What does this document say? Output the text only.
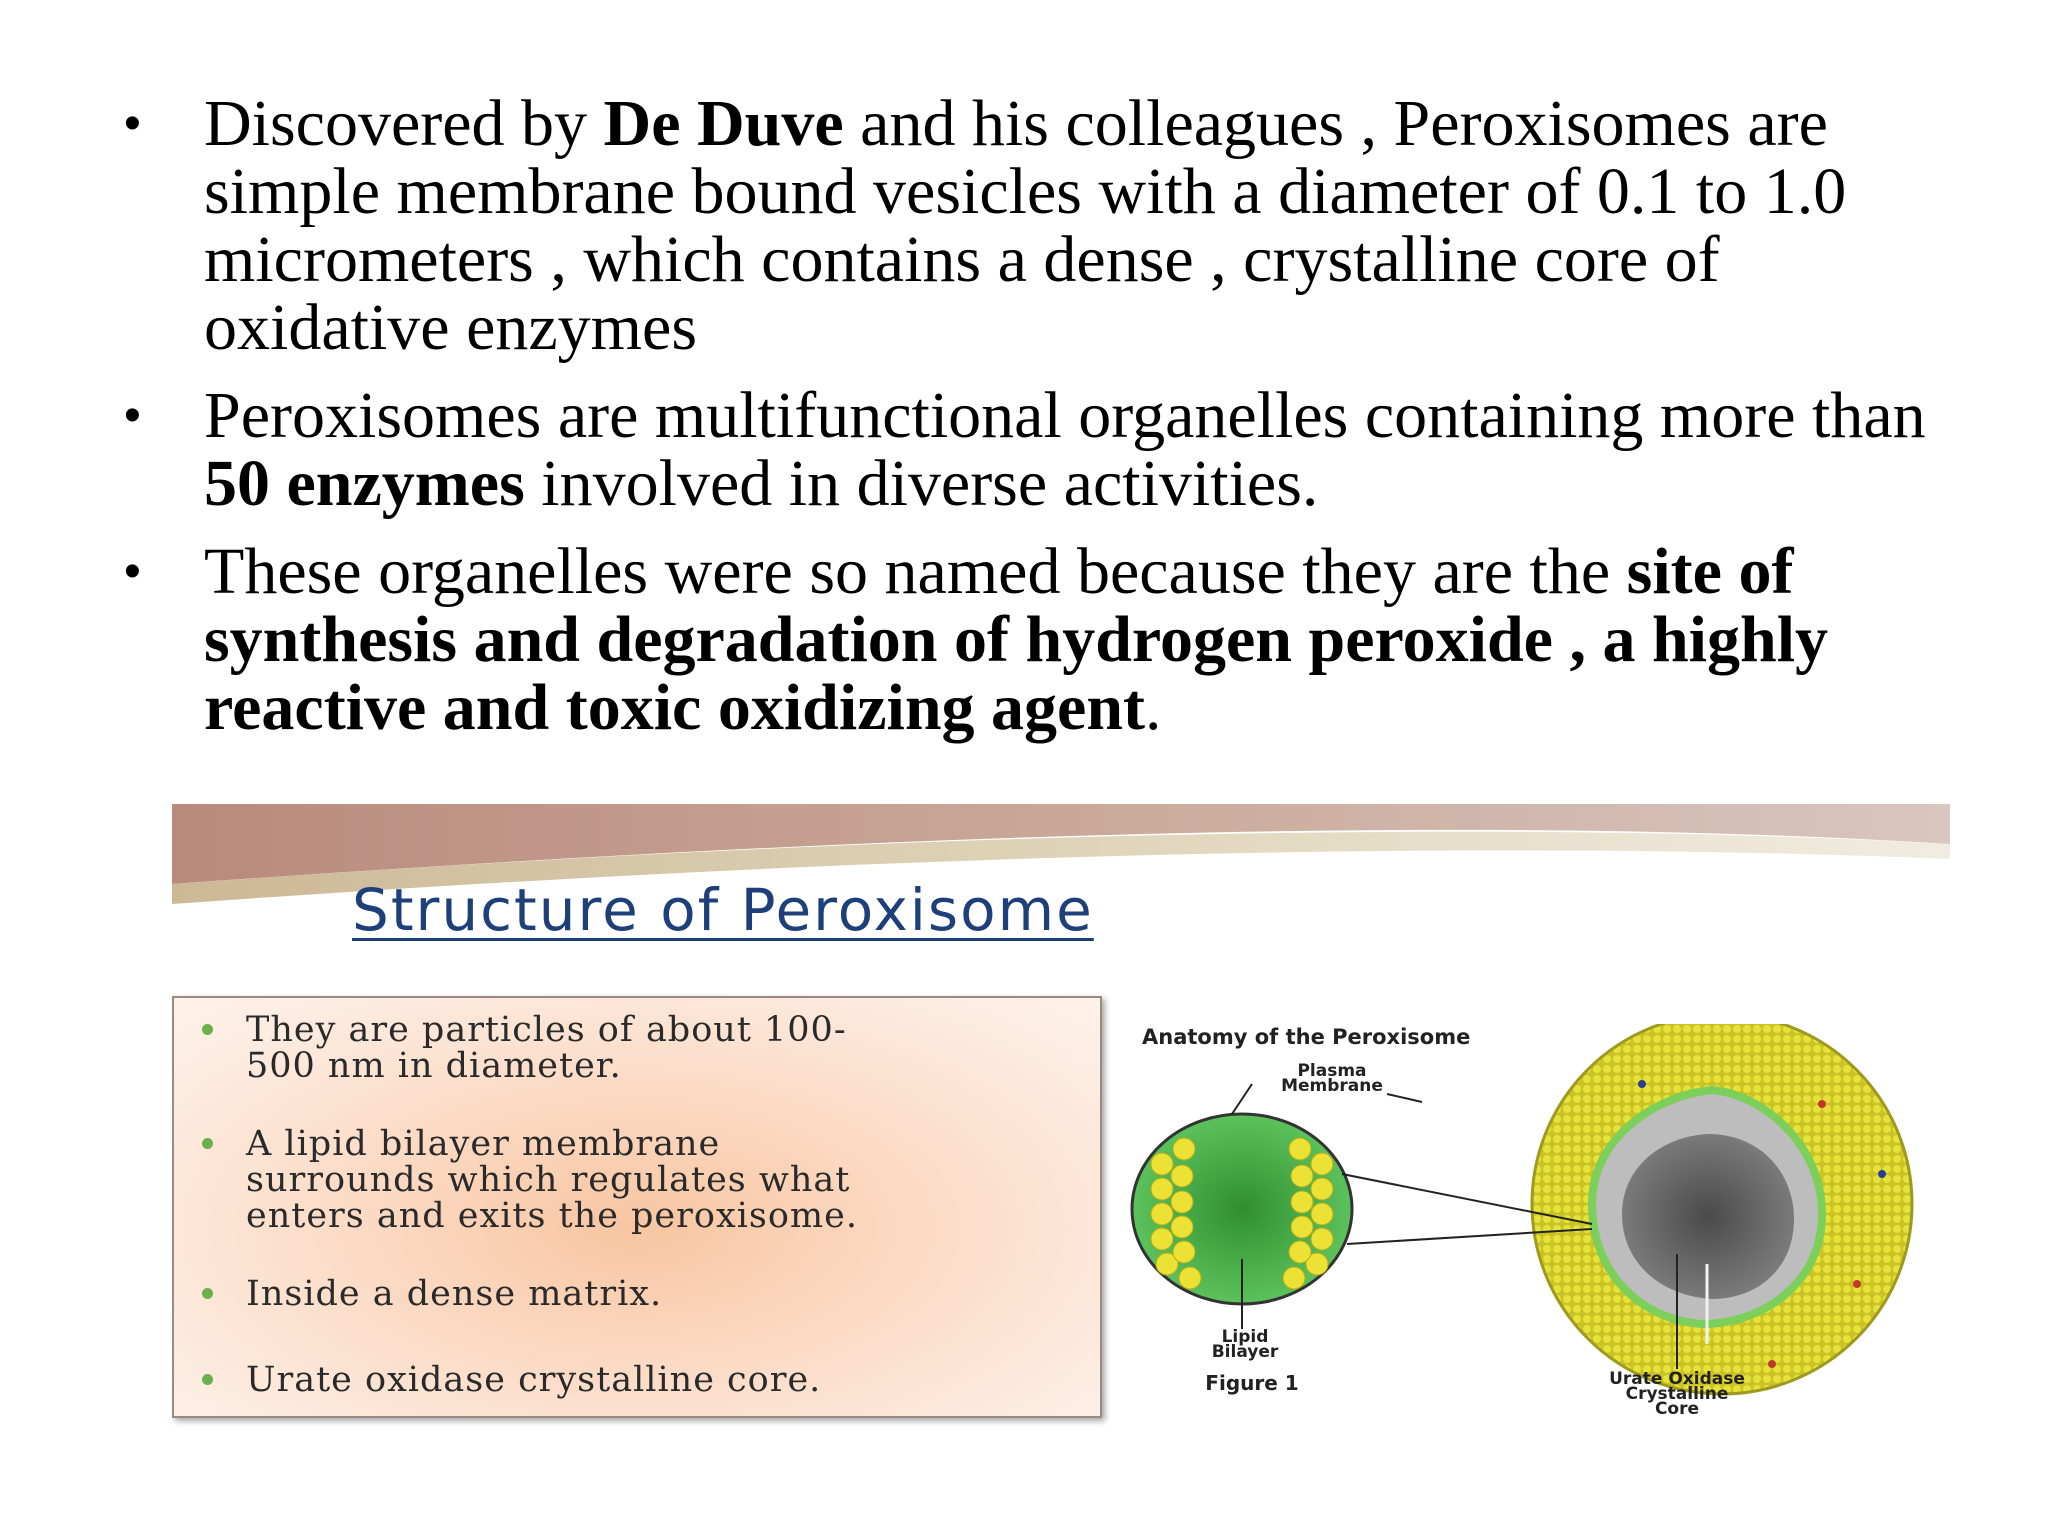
• Discovered by De Duve and his colleagues , Peroxisomes are simple membrane bound vesicles with a diameter of 0.1 to 1.0 micrometers , which contains a dense , crystalline core of oxidative enzymes
• Peroxisomes are multifunctional organelles containing more than 50 enzymes involved in diverse activities.
• These organelles were so named because they are the site of synthesis and degradation of hydrogen peroxide , a highly reactive and toxic oxidizing agent.
Structure of Peroxisome
They are particles of about 100-
500 nm in diameter.
A lipid bilayer membrane
surrounds which regulates what
enters and exits the peroxisome.
Inside a dense matrix.
Urate oxidase crystalline core.
Anatomy of the Peroxisome
Plasma
Membrane
Lipid
Bilayer
Figure 1	Urate Oxidase
Crystalline
Core
